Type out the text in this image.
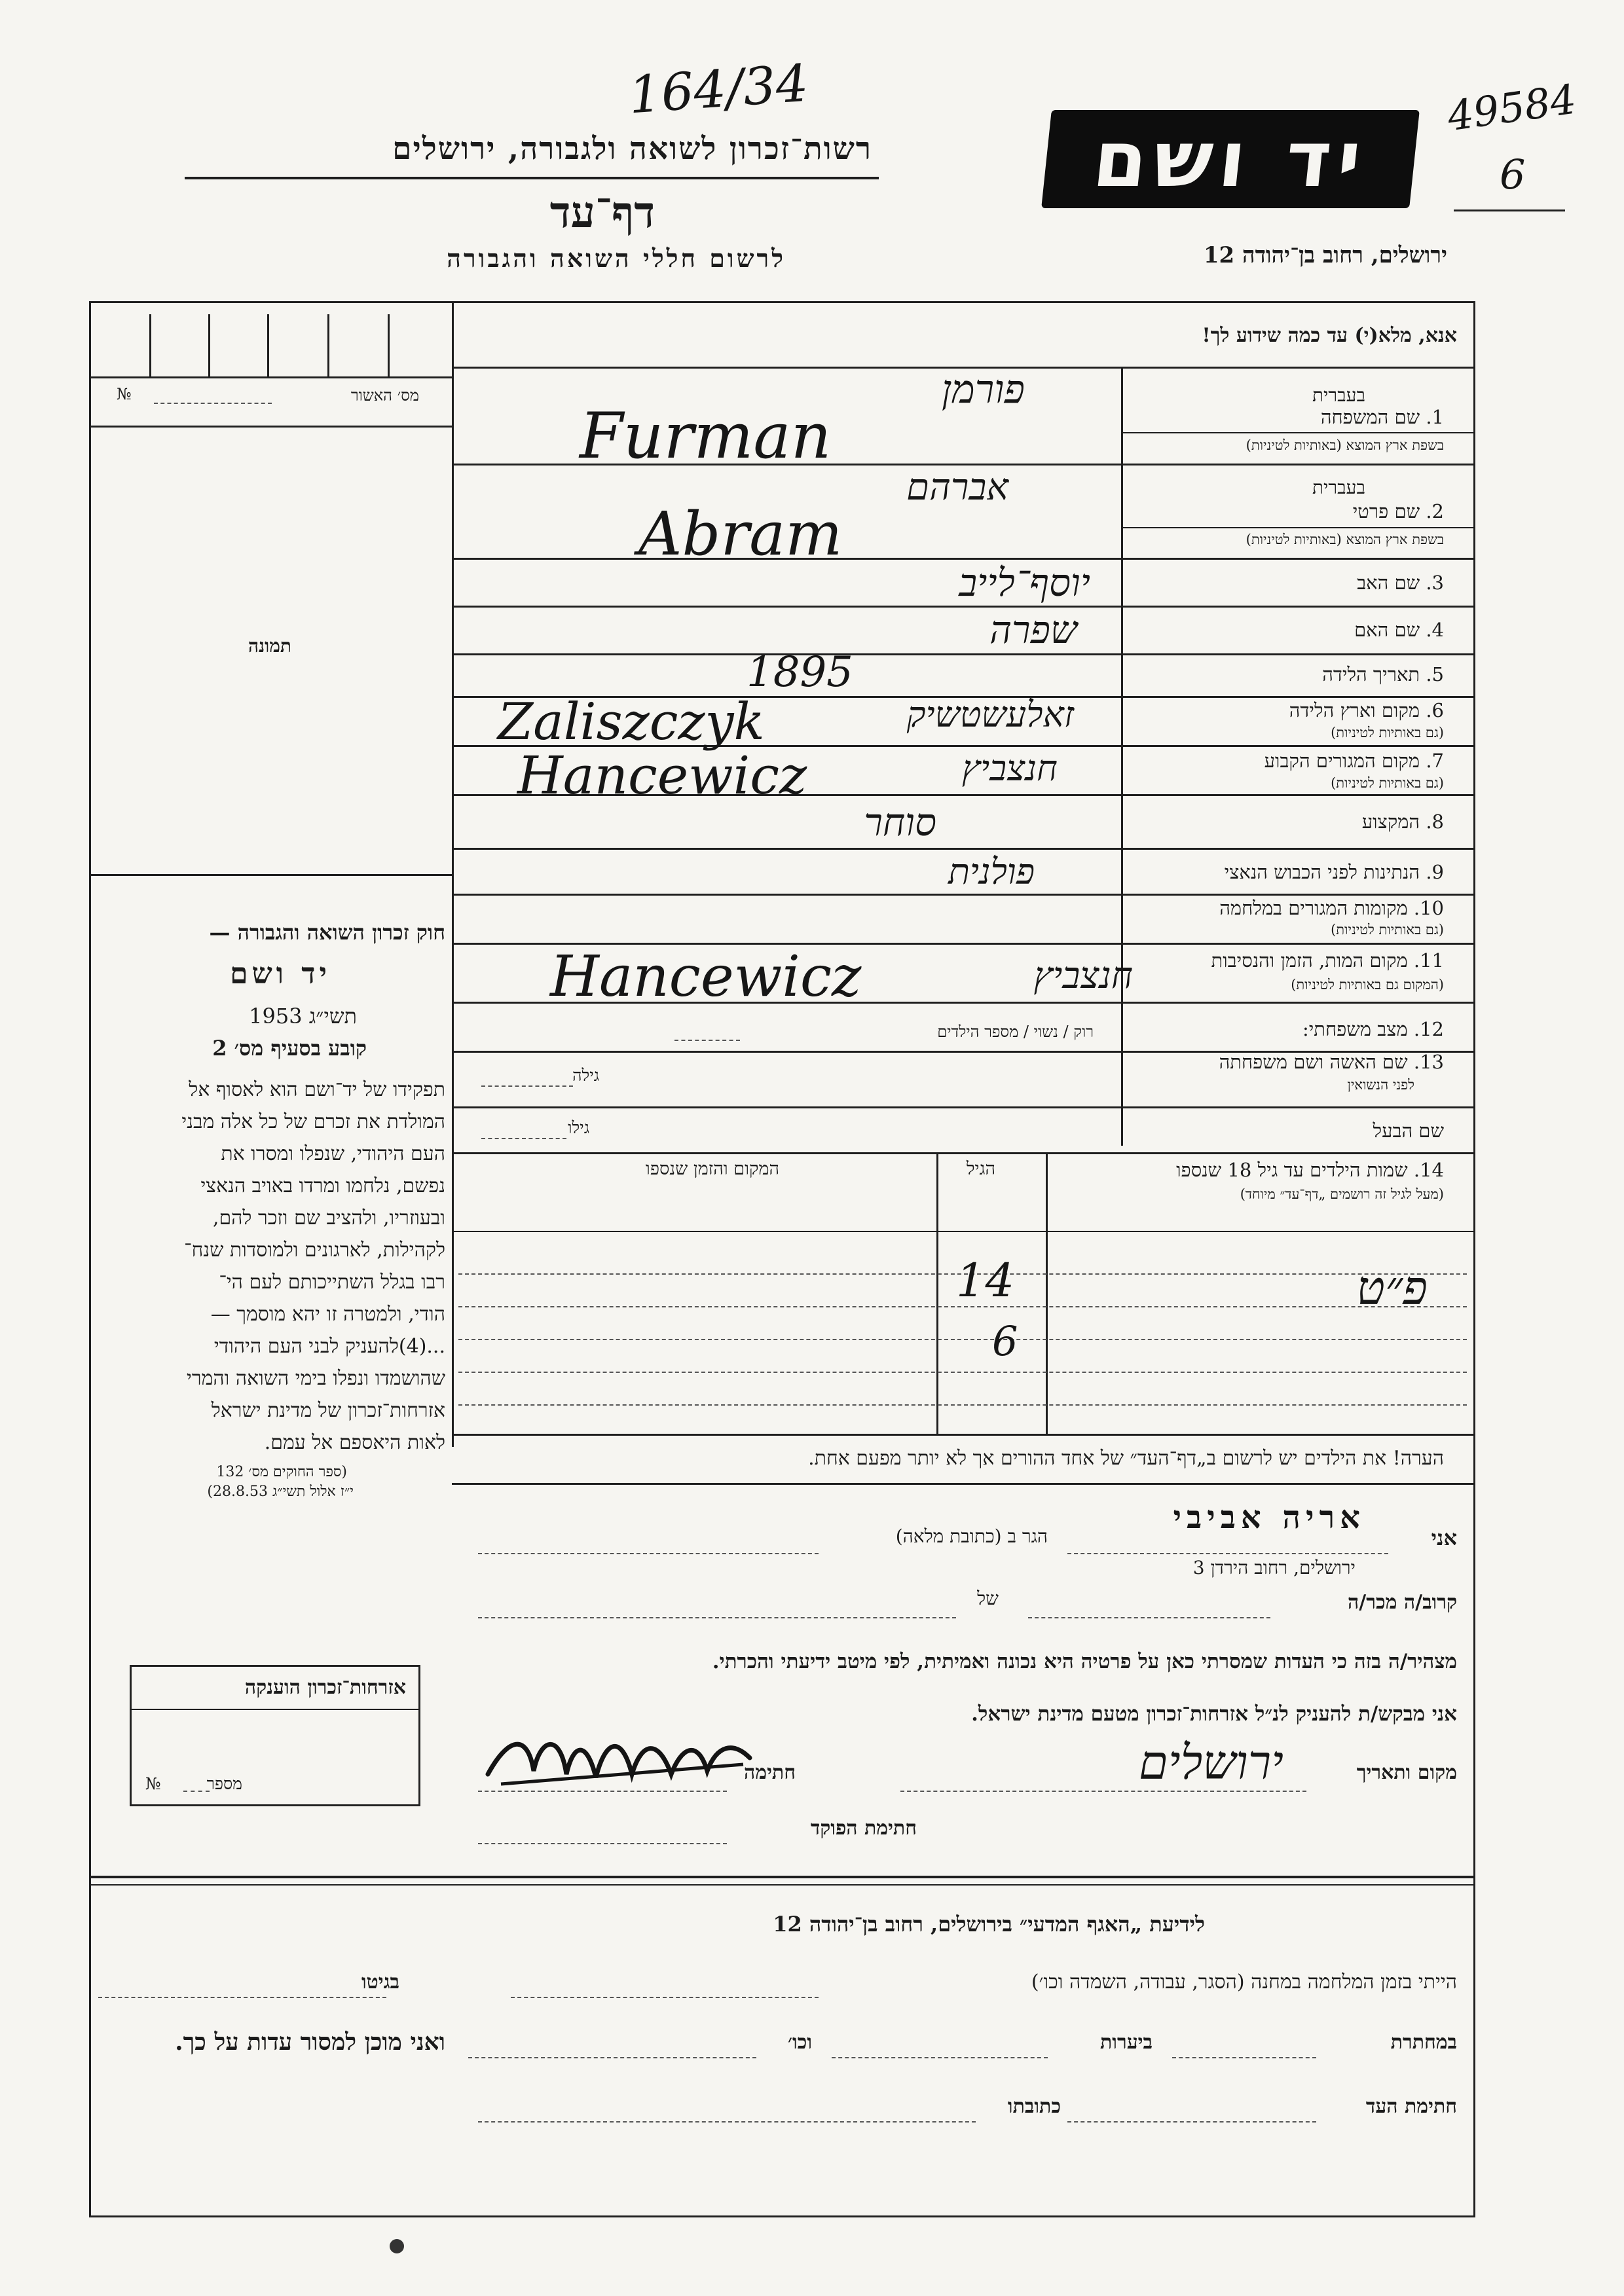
164/34	49584
6
רשות־זכרון לשואה ולגבורה, ירושלים
דף־עד
לרשום חללי השואה והגבורה
יד ושם
ירושלים, רחוב בן־יהודה 12
מס׳ האשור
№
תמונה
חוק זכרון השואה והגבורה —
יד ושם
תשי״ג 1953
קובע בסעיף מס׳ 2
תפקידו של יד־ושם הוא לאסוף אל
המולדת את זכרם של כל אלה מבני
העם היהודי, שנפלו ומסרו את
נפשם, נלחמו ומרדו באויב הנאצי
ובעוזריו, ולהציב שם וזכר להם,
לקהילות, לארגונים ולמוסדות שנח־
רבו בגלל השתייכותם לעם הי־
הודי, ולמטרה זו יהא מוסמך —
...(4)להעניק לבני העם היהודי
שהושמדו ונפלו בימי השואה והמרי
אזרחות־זכרון של מדינת ישראל
לאות היאספם אל עמם.
(ספר החוקים מס׳ 132
י״ז אלול תשי״ג 28.8.53)
אנא, מלא(י) עד כמה שידוע לך!
בעברית
1. שם המשפחה
בשפת ארץ המוצא (באותיות לטיניות)
פורמן
Furman
בעברית
2. שם פרטי
בשפת ארץ המוצא (באותיות לטיניות)
אברהם
Abram
3. שם האב
יוסף־לייב
4. שם האם
שפרה
5. תאריך הלידה
1895
6. מקום וארץ הלידה
(גם באותיות לטיניות)
זאלעשטשיק
Zaliszczyk
7. מקום המגורים הקבוע
(גם באותיות לטיניות)
חנצביץ
Hancewicz
8. המקצוע
סוחר
9. הנתינות לפני הכבוש הנאצי
פולנית
10. מקומות המגורים במלחמה
(גם באותיות לטיניות)
11. מקום המות, הזמן והנסיבות
(המקום גם באותיות לטיניות)
Hancewicz	חנצביץ
12. מצב משפחתי:
רוק / נשוי / מספר הילדים
13. שם האשה ושם משפחתה
לפני הנשואין
גילה
שם הבעל
גילו
14. שמות הילדים עד גיל 18 שנספו
(מעל לגיל זה רושמים „דף־עד״ מיוחד)
הגיל
המקום והזמן שנספו
14
6
פ״ט
הערה! את הילדים יש לרשום ב„דף־העד״ של אחד ההורים אך לא יותר מפעם אחת.
אני
אריה אביבי
הגר ב (כתובת מלאה)
ירושלים, רחוב הירדן 3
קרוב/ה מכר/ה
של
מצהיר/ה בזה כי העדות שמסרתי כאן על פרטיה היא נכונה ואמיתית, לפי מיטב ידיעתי והכרתי.
אני מבקש/ת להעניק לנ״ל אזרחות־זכרון מטעם מדינת ישראל.
מקום ותאריך
ירושלים
חתימה
חתימת הפוקד
אזרחות־זכרון הוענקה
מספר
№
לידיעת „האגף המדעי״ בירושלים, רחוב בן־יהודה 12
הייתי בזמן המלחמה במחנה (הסגר, עבודה, השמדה וכו׳)
בגיטו
במחתרת
ביערות
וכו׳
ואני מוכן למסור עדות על כך.
חתימת העד
כתובתו
